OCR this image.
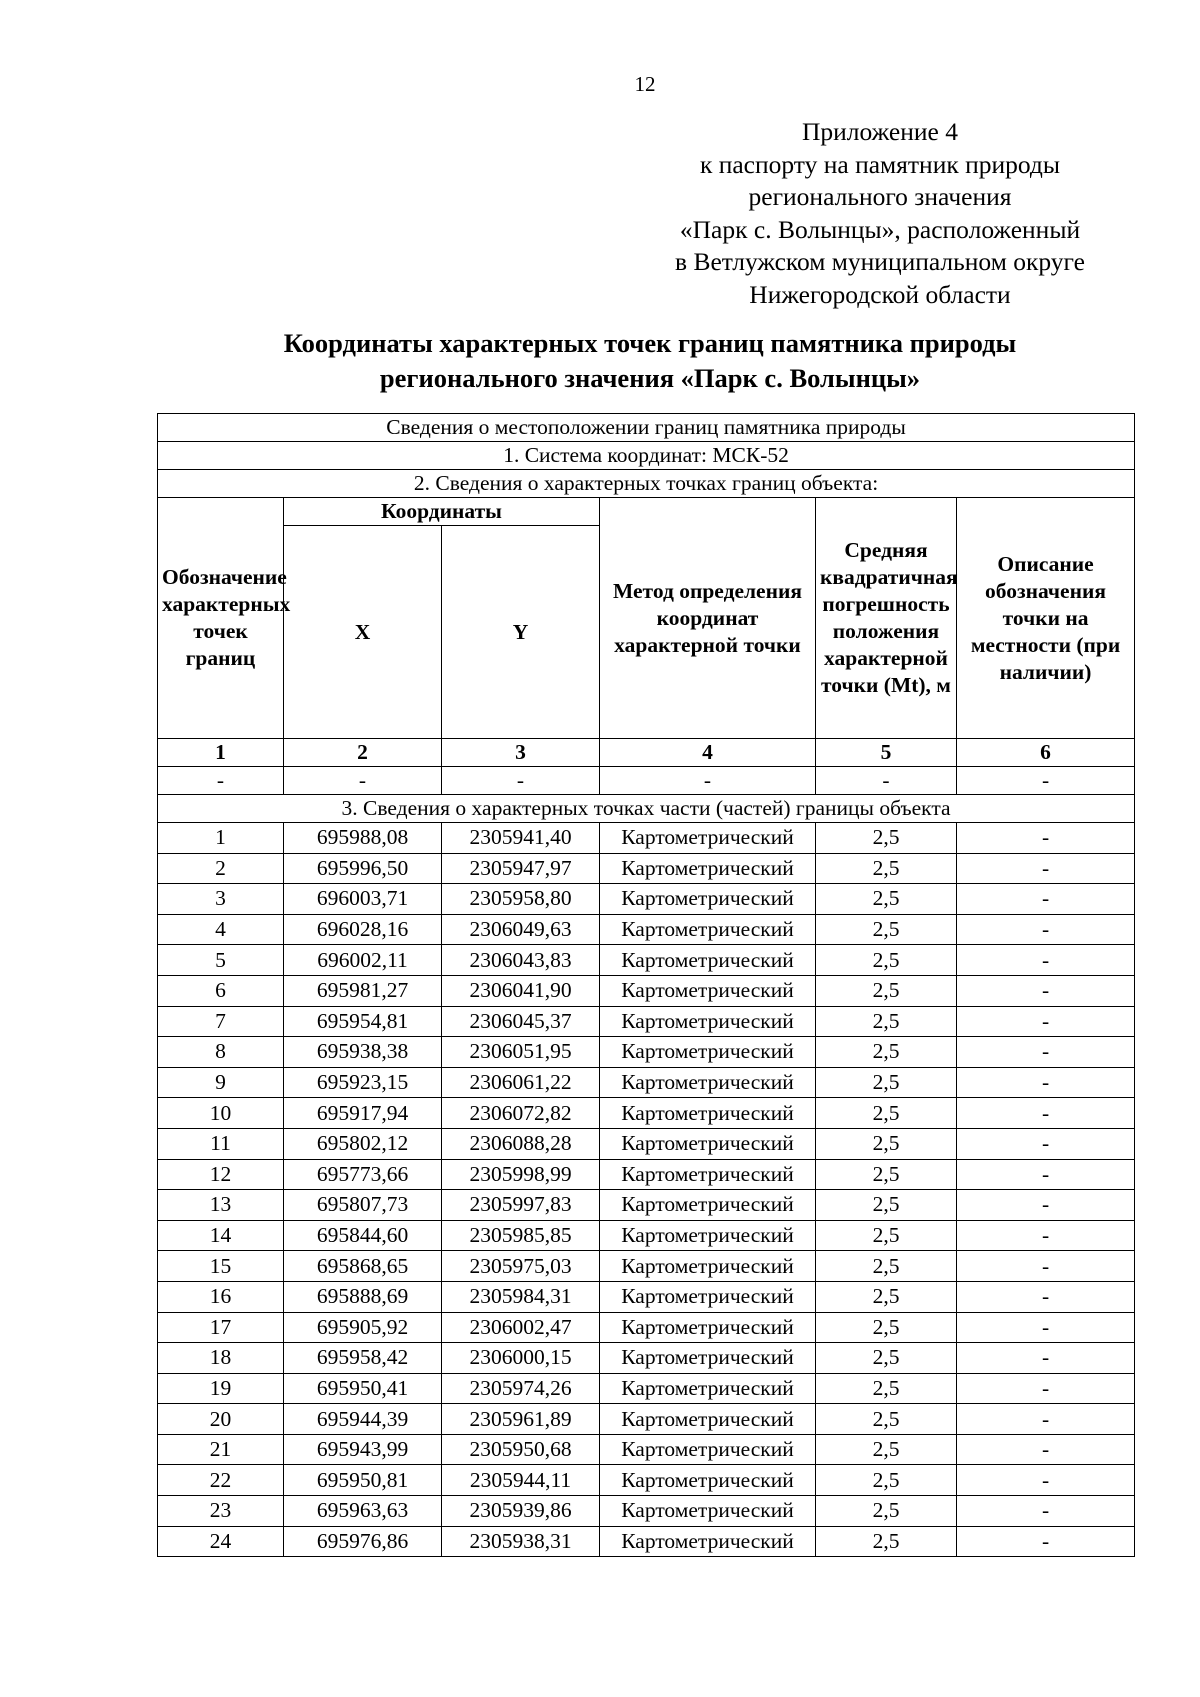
12
Приложение 4
к паспорту на памятник природы
регионального значения
«Парк с. Волынцы», расположенный
в Ветлужском муниципальном округе
Нижегородской области
Координаты характерных точек границ памятника природы
регионального значения «Парк с. Волынцы»
Сведения о местоположении границ памятника природы					
1. Система координат: МСК-52					
2. Сведения о характерных точках границ объекта:					
Обозначение характерных точек границ	Координаты		Метод определения координат характерной точки	Средняя квадратичная погрешность положения характерной точки (Mt), м	Описание обозначения точки на местности (при наличии)
	X	Y			
1	2	3	4	5	6
-	-	-	-	-	-
3. Сведения о характерных точках части (частей) границы объекта					
1	695988,08	2305941,40	Картометрический	2,5	-
2	695996,50	2305947,97	Картометрический	2,5	-
3	696003,71	2305958,80	Картометрический	2,5	-
4	696028,16	2306049,63	Картометрический	2,5	-
5	696002,11	2306043,83	Картометрический	2,5	-
6	695981,27	2306041,90	Картометрический	2,5	-
7	695954,81	2306045,37	Картометрический	2,5	-
8	695938,38	2306051,95	Картометрический	2,5	-
9	695923,15	2306061,22	Картометрический	2,5	-
10	695917,94	2306072,82	Картометрический	2,5	-
11	695802,12	2306088,28	Картометрический	2,5	-
12	695773,66	2305998,99	Картометрический	2,5	-
13	695807,73	2305997,83	Картометрический	2,5	-
14	695844,60	2305985,85	Картометрический	2,5	-
15	695868,65	2305975,03	Картометрический	2,5	-
16	695888,69	2305984,31	Картометрический	2,5	-
17	695905,92	2306002,47	Картометрический	2,5	-
18	695958,42	2306000,15	Картометрический	2,5	-
19	695950,41	2305974,26	Картометрический	2,5	-
20	695944,39	2305961,89	Картометрический	2,5	-
21	695943,99	2305950,68	Картометрический	2,5	-
22	695950,81	2305944,11	Картометрический	2,5	-
23	695963,63	2305939,86	Картометрический	2,5	-
24	695976,86	2305938,31	Картометрический	2,5	-
